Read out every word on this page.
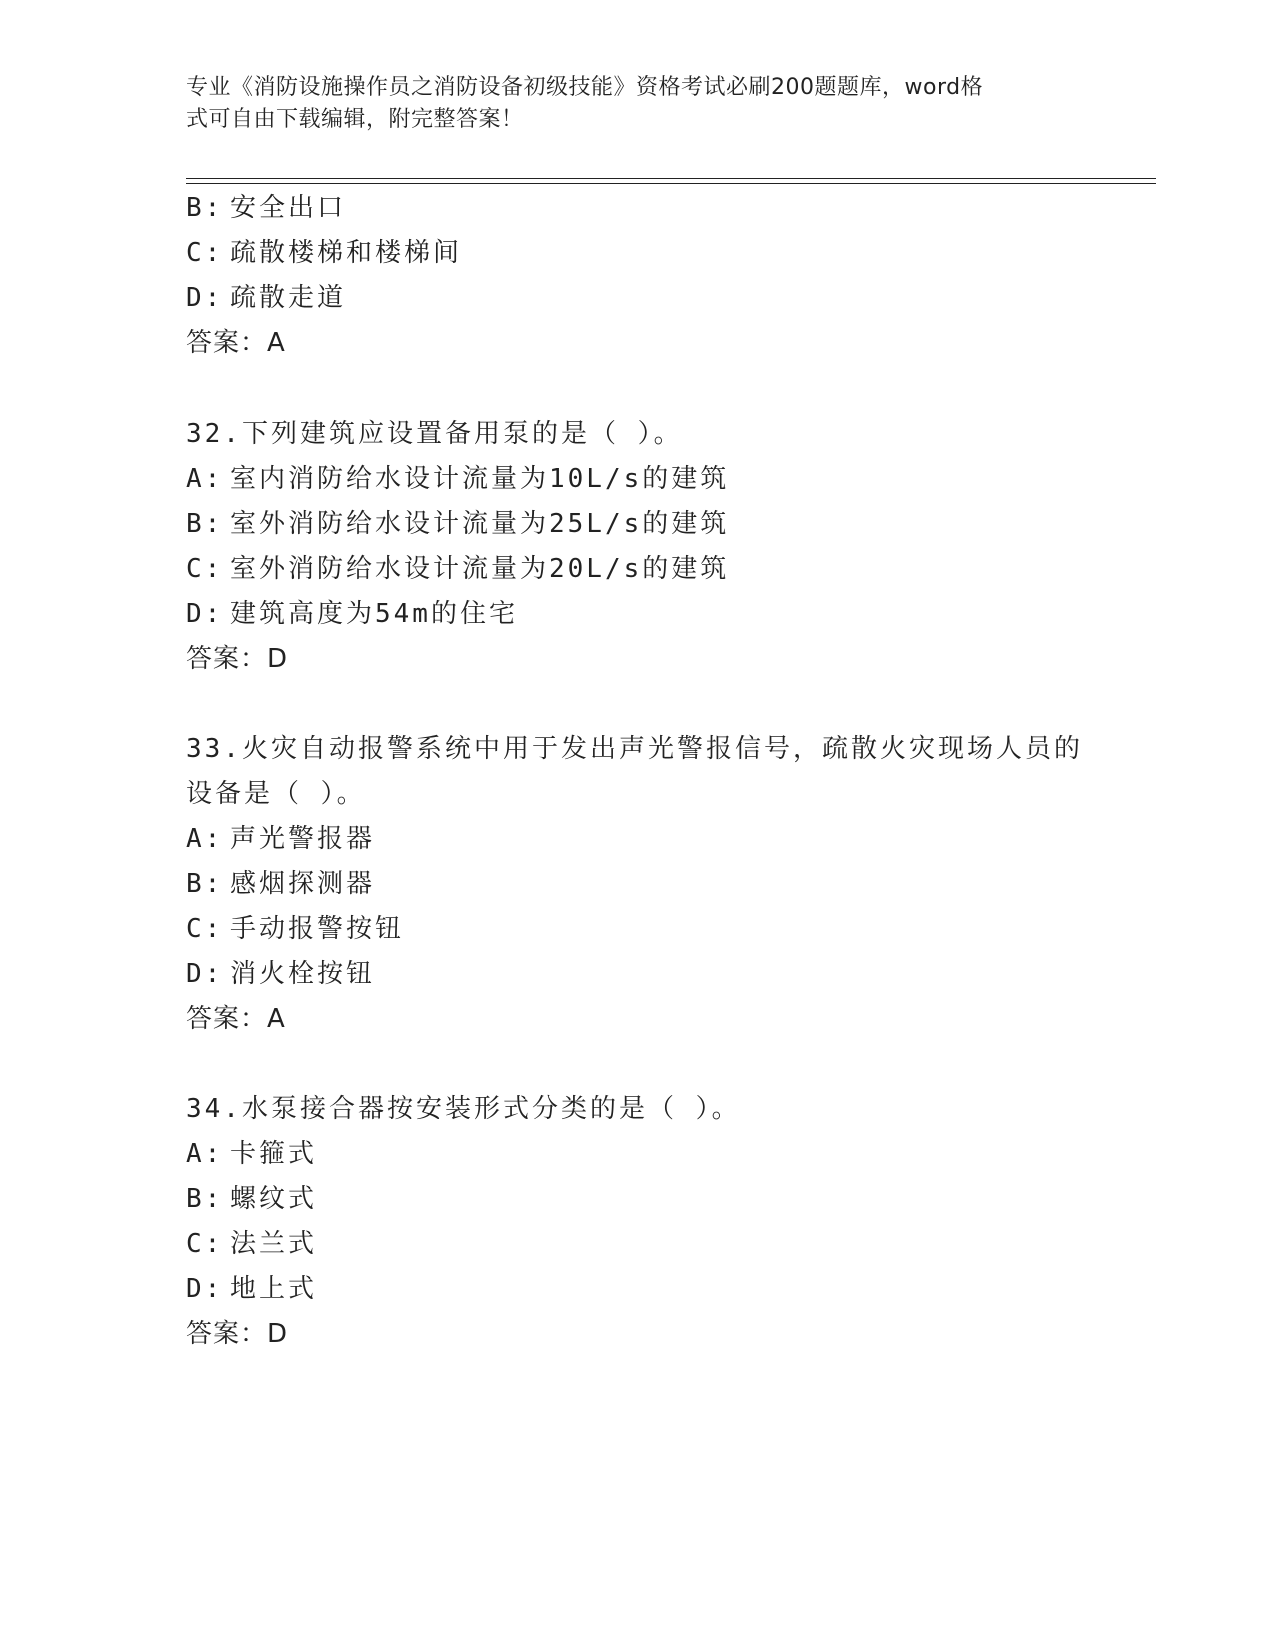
专业《消防设施操作员之消防设备初级技能》资格考试必刷200题题库，word格
式可自由下载编辑，附完整答案！
B: 安全出口
C: 疏散楼梯和楼梯间
D: 疏散走道
答案：A
32.下列建筑应设置备用泵的是（ ）。
A: 室内消防给水设计流量为10L/s的建筑
B: 室外消防给水设计流量为25L/s的建筑
C: 室外消防给水设计流量为20L/s的建筑
D: 建筑高度为54m的住宅
答案：D
33.火灾自动报警系统中用于发出声光警报信号，疏散火灾现场人员的
设备是（ ）。
A: 声光警报器
B: 感烟探测器
C: 手动报警按钮
D: 消火栓按钮
答案：A
34.水泵接合器按安装形式分类的是（ ）。
A: 卡箍式
B: 螺纹式
C: 法兰式
D: 地上式
答案：D
